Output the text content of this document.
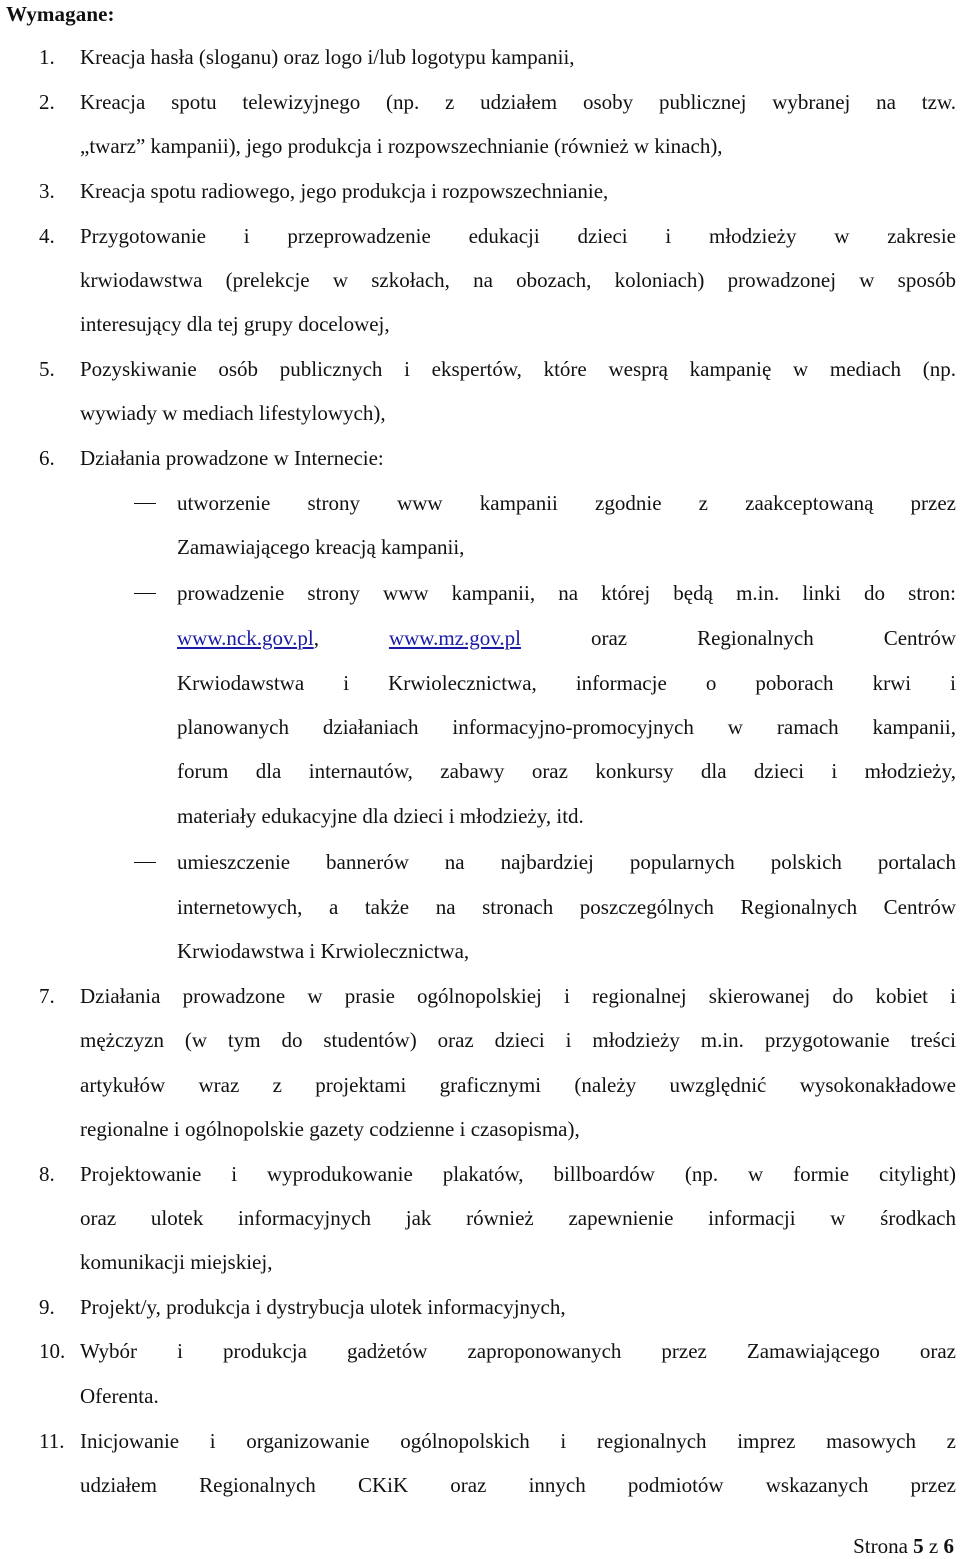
Wymagane:
1. Kreacja hasła (sloganu) oraz logo i/lub logotypu kampanii,
2. Kreacja spotu telewizyjnego (np. z udziałem osoby publicznej wybranej na tzw.
„twarz” kampanii), jego produkcja i rozpowszechnianie (również w kinach),
3. Kreacja spotu radiowego, jego produkcja i rozpowszechnianie,
4. Przygotowanie i przeprowadzenie edukacji dzieci i młodzieży w zakresie
krwiodawstwa (prelekcje w szkołach, na obozach, koloniach) prowadzonej w sposób
interesujący dla tej grupy docelowej,
5. Pozyskiwanie osób publicznych i ekspertów, które wesprą kampanię w mediach (np.
wywiady w mediach lifestylowych),
6. Działania prowadzone w Internecie:
utworzenie strony www kampanii zgodnie z zaakceptowaną przez
Zamawiającego kreacją kampanii,
prowadzenie strony www kampanii, na której będą m.in. linki do stron:
www.nck.gov.pl,	www.mz.gov.pl	oraz Regionalnych Centrów
Krwiodawstwa i Krwiolecznictwa, informacje o poborach krwi i
planowanych działaniach informacyjno-promocyjnych w ramach kampanii,
forum dla internautów, zabawy oraz konkursy dla dzieci i młodzieży,
materiały edukacyjne dla dzieci i młodzieży, itd.
umieszczenie bannerów na najbardziej popularnych polskich portalach
internetowych, a także na stronach poszczególnych Regionalnych Centrów
Krwiodawstwa i Krwiolecznictwa,
7. Działania prowadzone w prasie ogólnopolskiej i regionalnej skierowanej do kobiet i
mężczyzn (w tym do studentów) oraz dzieci i młodzieży m.in. przygotowanie treści
artykułów wraz z projektami graficznymi (należy uwzględnić wysokonakładowe
regionalne i ogólnopolskie gazety codzienne i czasopisma),
8. Projektowanie i wyprodukowanie plakatów, billboardów (np. w formie citylight)
oraz ulotek informacyjnych jak również zapewnienie informacji w środkach
komunikacji miejskiej,
9. Projekt/y, produkcja i dystrybucja ulotek informacyjnych,
10. Wybór i produkcja gadżetów zaproponowanych przez Zamawiającego oraz
Oferenta.
11. Inicjowanie i organizowanie ogólnopolskich i regionalnych imprez masowych z
udziałem Regionalnych CKiK oraz innych podmiotów wskazanych przez
Strona 5 z 6
